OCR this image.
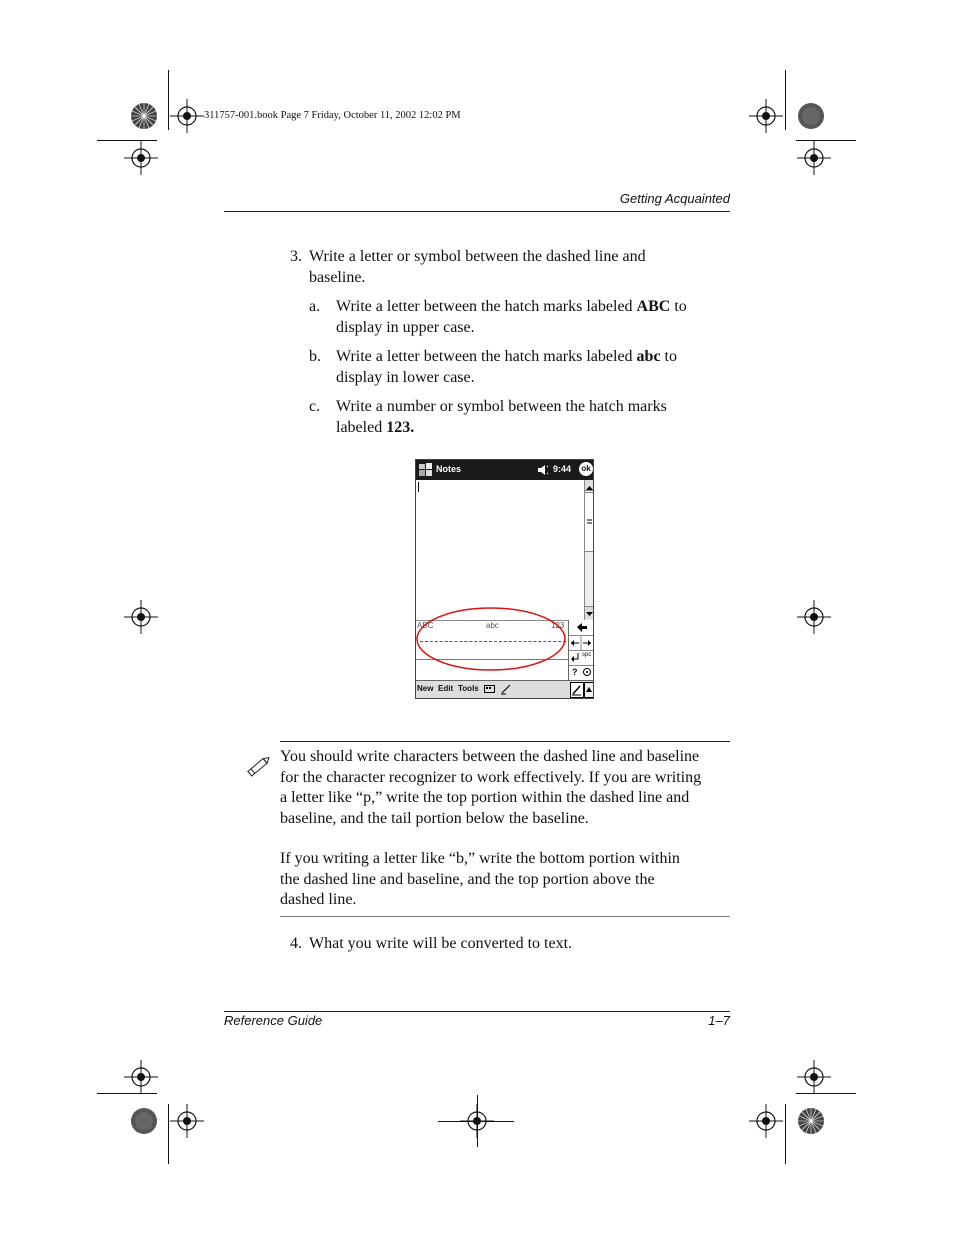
311757-001.book Page 7 Friday, October 11, 2002 12:02 PM
Getting Acquainted
3. Write a letter or symbol between the dashed line and
baseline.
a. Write a letter between the hatch marks labeled ABC to
display in upper case.
b. Write a letter between the hatch marks labeled abc to
display in lower case.
c. Write a number or symbol between the hatch marks
labeled 123.
Notes	9:44 ok
ABC	abc	123
spc
?
New Edit Tools
You should write characters between the dashed line and baseline
for the character recognizer to work effectively. If you are writing
a letter like “p,” write the top portion within the dashed line and
baseline, and the tail portion below the baseline.
If you writing a letter like “b,” write the bottom portion within
the dashed line and baseline, and the top portion above the
dashed line.
4. What you write will be converted to text.
Reference Guide	1–7
